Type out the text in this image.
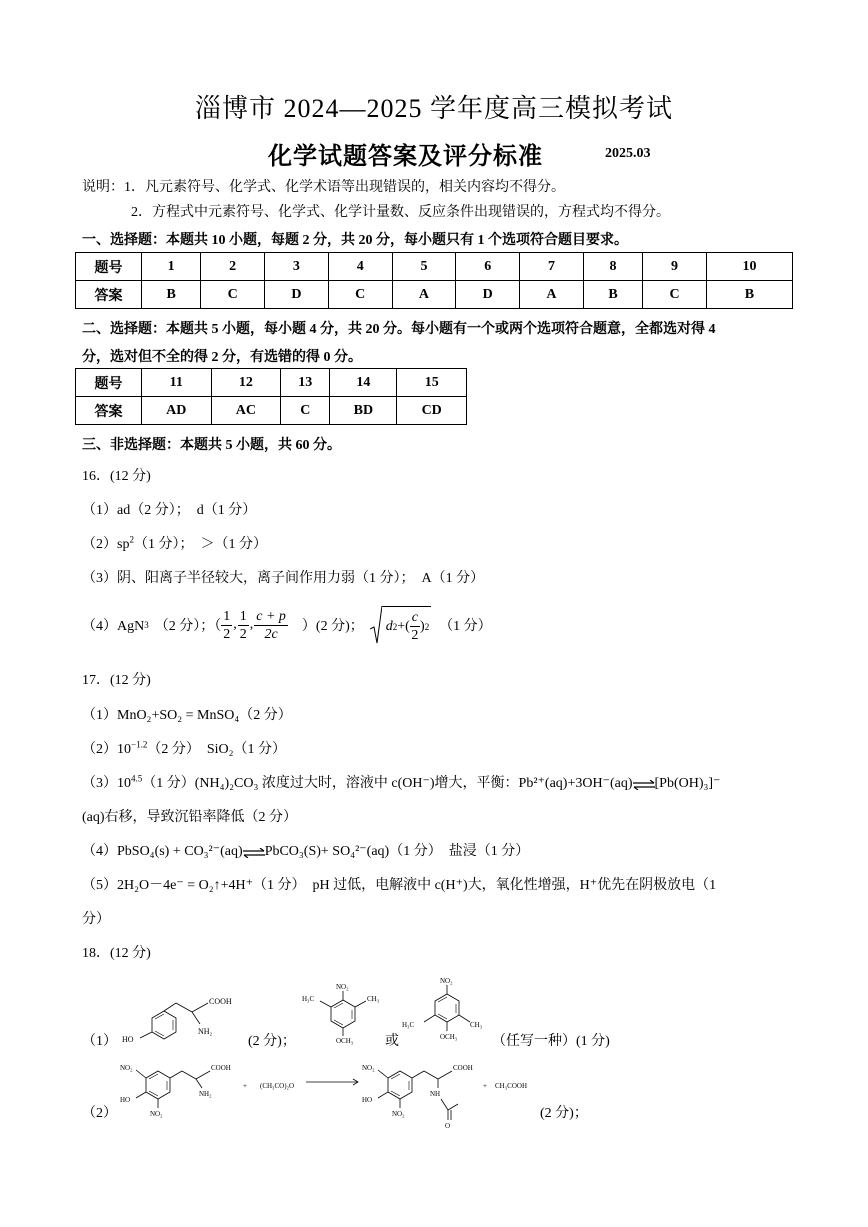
淄博市 2024—2025 学年度高三模拟考试
化学试题答案及评分标准	2025.03
说明：1．凡元素符号、化学式、化学术语等出现错误的，相关内容均不得分。
2．方程式中元素符号、化学式、化学计量数、反应条件出现错误的，方程式均不得分。
一、选择题：本题共 10 小题，每题 2 分，共 20 分，每小题只有 1 个选项符合题目要求。
题号	1	2	3	4	5	6	7	8	9	10
答案	B	C	D	C	A	D	A	B	C	B
二、选择题：本题共 5 小题，每小题 4 分，共 20 分。每小题有一个或两个选项符合题意，全都选对得 4
分，选对但不全的得 2 分，有选错的得 0 分。
题号	11	12	13	14	15
答案	AD	AC	C	BD	CD
三、非选择题：本题共 5 小题，共 60 分。
16．(12 分)
（1）ad（2 分）；　d（1 分）
$(2)sp^2(1$ 分）；　＞（1 分）
（3）阴、阳离子半径较大，离子间作用力弱（1 分）；　A（1 分）
（4）AgN 3 （2 分）；（ $\frac{1}{2}$ , $\frac{1}{2}$ , $\frac{c + p}{2c} )(2$ 分)； d 2 +( $\frac{c}{2}$ ) 2 （1 分）
17．(12 分)
（1）MnO₂+SO₂ = MnSO₄（2 分）
$(2)10^{-1.2}(2$ 分）　SiO₂（1 分）
$(3)10^{4.5}(1$ 分）(NH₄)₂CO₃ 浓度过大时，溶液中 c(OH⁻)增大，平衡：Pb²⁺(aq)+3OH⁻(aq)⇌[Pb(OH)₃]⁻
(aq)右移，导致沉铅率降低（2 分）
（4）PbSO₄(s) + CO₃²⁻(aq)⇌PbCO₃(S)+ SO₄²⁻(aq)（1 分）　盐浸（1 分）
（5）2H₂O－4e⁻ = O₂↑+4H⁺（1 分）　pH 过低，电解液中 c(H⁺)大，氧化性增强，H⁺优先在阴极放电（1
分）
18．(12 分)
（1） HO
COOH
NH₂
(2 分)；
NO₂
H₃C	CH₃
OCH₃ 或
NO₂
H₃C	CH₃
OCH₃ （任写一种）(1 分)
（2）
NO₂
HO
NO₂
COOH
NH₂
+ (CH₃CO)₂O
NO₂
HO
NO₂
COOH
NH
O
+ CH₃COOH
(2 分)；
